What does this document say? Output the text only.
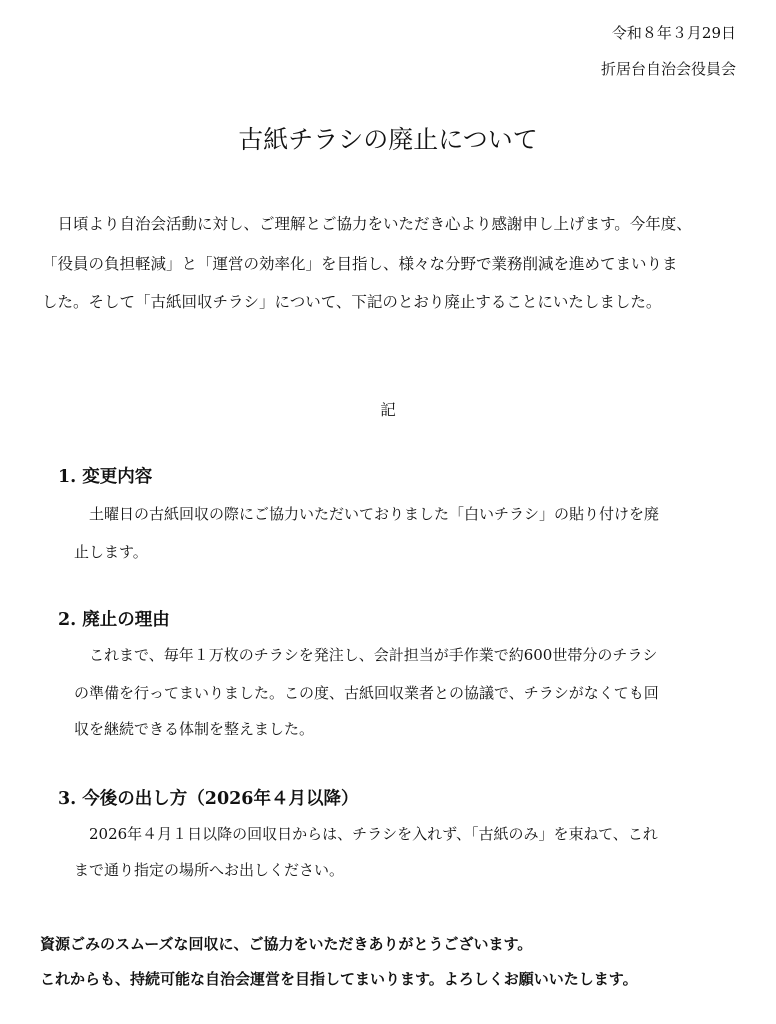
令和８年３月29日

折居台自治会役員会

古紙チラシの廃止について

　日頃より自治会活動に対し、ご理解とご協力をいただき心より感謝申し上げます。今年度、

「役員の負担軽減」と「運営の効率化」を目指し、様々な分野で業務削減を進めてまいりま

した。そして「古紙回収チラシ」について、下記のとおり廃止することにいたしました。

記
1. 変更内容

　土曜日の古紙回収の際にご協力いただいておりました「白いチラシ」の貼り付けを廃

止します。

2. 廃止の理由

　これまで、毎年１万枚のチラシを発注し、会計担当が手作業で約600世帯分のチラシ

の準備を行ってまいりました。この度、古紙回収業者との協議で、チラシがなくても回

収を継続できる体制を整えました。

3. 今後の出し方（2026年４月以降）

　2026年４月１日以降の回収日からは、チラシを入れず、「古紙のみ」を束ねて、これ

まで通り指定の場所へお出しください。

資源ごみのスムーズな回収に、ご協力をいただきありがとうございます。

これからも、持続可能な自治会運営を目指してまいります。よろしくお願いいたします。
